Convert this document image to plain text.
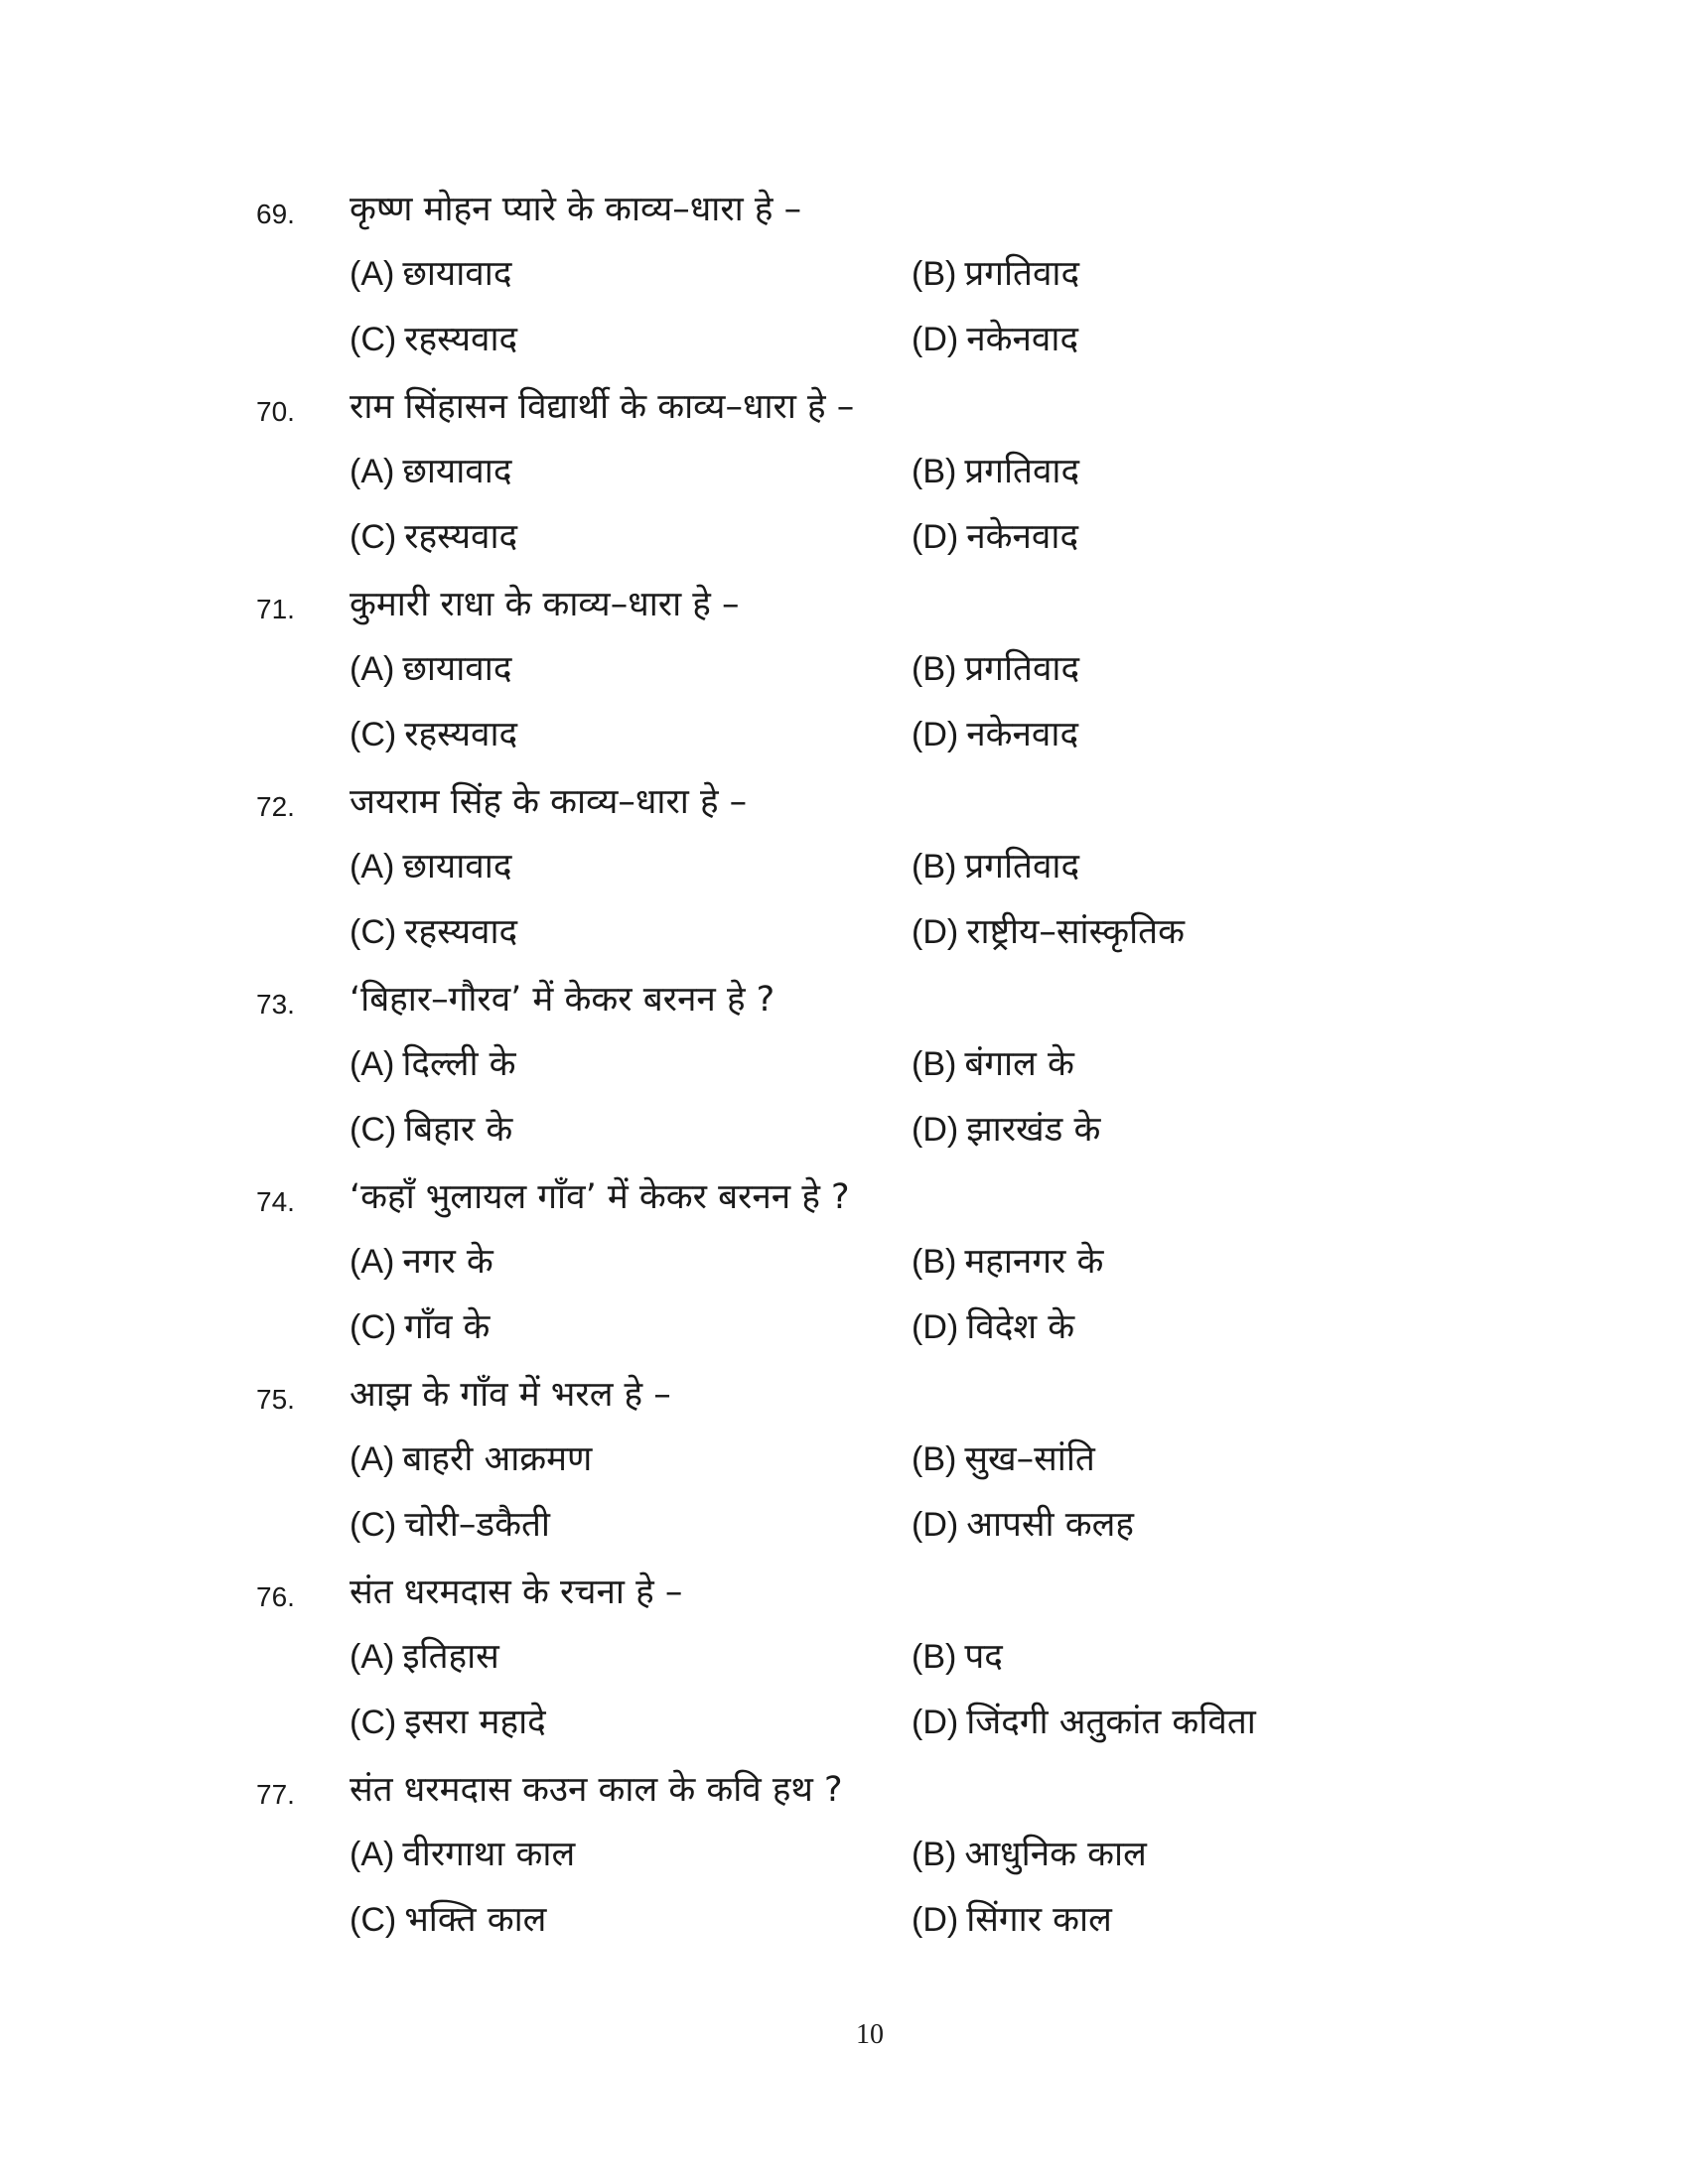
69. कृष्ण मोहन प्यारे के काव्य–धारा हे –
(A) छायावाद	(B) प्रगतिवाद
(C) रहस्यवाद	(D) नकेनवाद
70. राम सिंहासन विद्यार्थी के काव्य–धारा हे –
(A) छायावाद	(B) प्रगतिवाद
(C) रहस्यवाद	(D) नकेनवाद
71. कुमारी राधा के काव्य–धारा हे –
(A) छायावाद	(B) प्रगतिवाद
(C) रहस्यवाद	(D) नकेनवाद
72. जयराम सिंह के काव्य–धारा हे –
(A) छायावाद	(B) प्रगतिवाद
(C) रहस्यवाद	(D) राष्ट्रीय–सांस्कृतिक
73. ‘बिहार–गौरव’ में केकर बरनन हे ?
(A) दिल्ली के	(B) बंगाल के
(C) बिहार के	(D) झारखंड के
74. ‘कहाँ भुलायल गाँव’ में केकर बरनन हे ?
(A) नगर के	(B) महानगर के
(C) गाँव के	(D) विदेश के
75. आझ के गाँव में भरल हे –
(A) बाहरी आक्रमण	(B) सुख–सांति
(C) चोरी–डकैती	(D) आपसी कलह
76. संत धरमदास के रचना हे –
(A) इतिहास	(B) पद
(C) इसरा महादे	(D) जिंदगी अतुकांत कविता
77. संत धरमदास कउन काल के कवि हथ ?
(A) वीरगाथा काल	(B) आधुनिक काल
(C) भक्ति काल	(D) सिंगार काल
10
